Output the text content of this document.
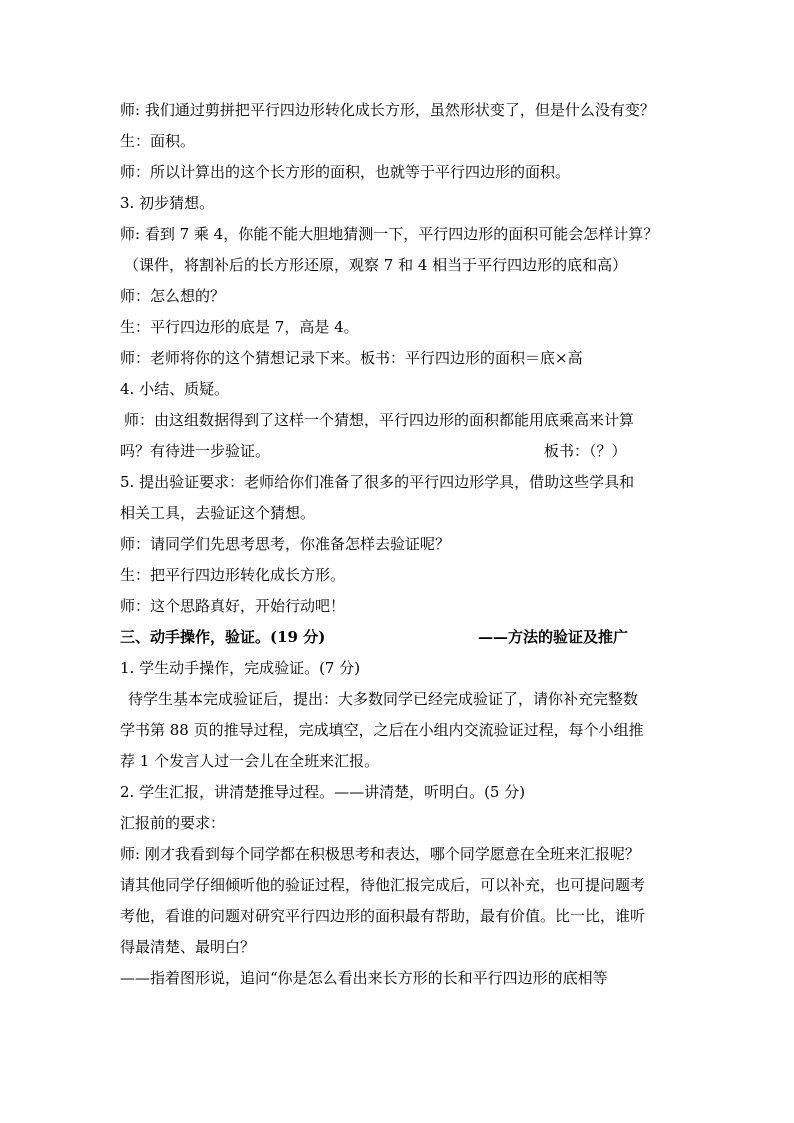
师: 我们通过剪拼把平行四边形转化成长方形，虽然形状变了，但是什么没有变？
生：面积。
师：所以计算出的这个长方形的面积，也就等于平行四边形的面积。
3. 初步猜想。
师: 看到 7 乘 4，你能不能大胆地猜测一下，平行四边形的面积可能会怎样计算？
（课件，将割补后的长方形还原，观察 7 和 4 相当于平行四边形的底和高）
师：怎么想的？
生：平行四边形的底是 7，高是 4。
师：老师将你的这个猜想记录下来。板书：平行四边形的面积＝底×高
4. 小结、质疑。
师：由这组数据得到了这样一个猜想，平行四边形的面积都能用底乘高来计算
吗？有待进一步验证。	板书：（？）
5. 提出验证要求：老师给你们准备了很多的平行四边形学具，借助这些学具和
相关工具，去验证这个猜想。
师：请同学们先思考思考，你准备怎样去验证呢？
生：把平行四边形转化成长方形。
师：这个思路真好，开始行动吧！
三、动手操作，验证。(19 分)	——方法的验证及推广
1. 学生动手操作，完成验证。(7 分)
待学生基本完成验证后，提出：大多数同学已经完成验证了，请你补充完整数
学书第 88 页的推导过程，完成填空，之后在小组内交流验证过程，每个小组推
荐 1 个发言人过一会儿在全班来汇报。
2. 学生汇报，讲清楚推导过程。——讲清楚，听明白。(5 分)
汇报前的要求：
师: 刚才我看到每个同学都在积极思考和表达，哪个同学愿意在全班来汇报呢？
请其他同学仔细倾听他的验证过程，待他汇报完成后，可以补充，也可提问题考
考他，看谁的问题对研究平行四边形的面积最有帮助，最有价值。比一比，谁听
得最清楚、最明白？
——指着图形说，追问“你是怎么看出来长方形的长和平行四边形的底相等
